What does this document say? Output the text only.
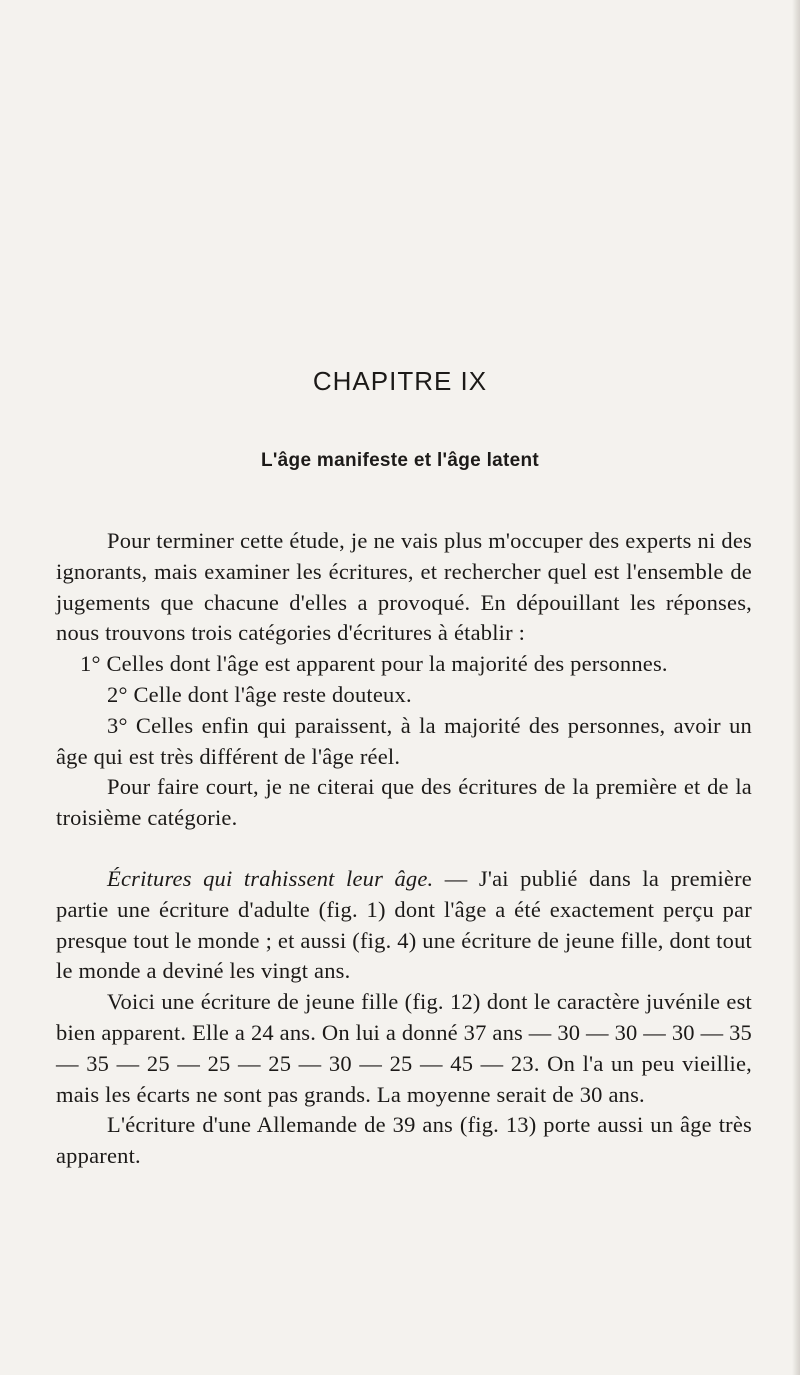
CHAPITRE IX
L'âge manifeste et l'âge latent

Pour terminer cette étude, je ne vais plus m'occuper des experts ni des ignorants, mais examiner les écritures, et rechercher quel est l'ensemble de jugements que chacune d'elles a provoqué. En dépouillant les réponses, nous trouvons trois catégories d'écritures à établir :

1° Celles dont l'âge est apparent pour la majorité des personnes.

2° Celle dont l'âge reste douteux.

3° Celles enfin qui paraissent, à la majorité des personnes, avoir un âge qui est très différent de l'âge réel.

Pour faire court, je ne citerai que des écritures de la première et de la troisième catégorie.

Écritures qui trahissent leur âge. — J'ai publié dans la première partie une écriture d'adulte (fig. 1) dont l'âge a été exactement perçu par presque tout le monde ; et aussi (fig. 4) une écriture de jeune fille, dont tout le monde a deviné les vingt ans.

Voici une écriture de jeune fille (fig. 12) dont le caractère juvénile est bien apparent. Elle a 24 ans. On lui a donné 37 ans — 30 — 30 — 30 — 35 — 35 — 25 — 25 — 25 — 30 — 25 — 45 — 23. On l'a un peu vieillie, mais les écarts ne sont pas grands. La moyenne serait de 30 ans.

L'écriture d'une Allemande de 39 ans (fig. 13) porte aussi un âge très apparent.
